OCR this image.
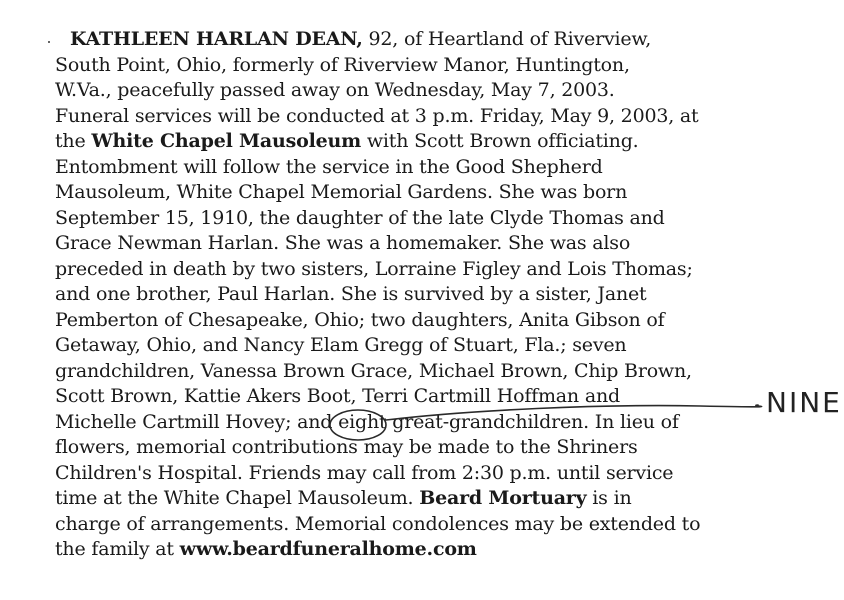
KATHLEEN HARLAN DEAN, 92, of Heartland of Riverview,
South Point, Ohio, formerly of Riverview Manor, Huntington,
W.Va., peacefully passed away on Wednesday, May 7, 2003.
Funeral services will be conducted at 3 p.m. Friday, May 9, 2003, at
the White Chapel Mausoleum with Scott Brown officiating.
Entombment will follow the service in the Good Shepherd
Mausoleum, White Chapel Memorial Gardens. She was born
September 15, 1910, the daughter of the late Clyde Thomas and
Grace Newman Harlan. She was a homemaker. She was also
preceded in death by two sisters, Lorraine Figley and Lois Thomas;
and one brother, Paul Harlan. She is survived by a sister, Janet
Pemberton of Chesapeake, Ohio; two daughters, Anita Gibson of
Getaway, Ohio, and Nancy Elam Gregg of Stuart, Fla.; seven
grandchildren, Vanessa Brown Grace, Michael Brown, Chip Brown,
Scott Brown, Kattie Akers Boot, Terri Cartmill Hoffman and
Michelle Cartmill Hovey; and eight great-grandchildren. In lieu of
flowers, memorial contributions may be made to the Shriners
Children's Hospital. Friends may call from 2:30 p.m. until service
time at the White Chapel Mausoleum. Beard Mortuary is in
charge of arrangements. Memorial condolences may be extended to
the family at www.beardfuneralhome.com
NINE
